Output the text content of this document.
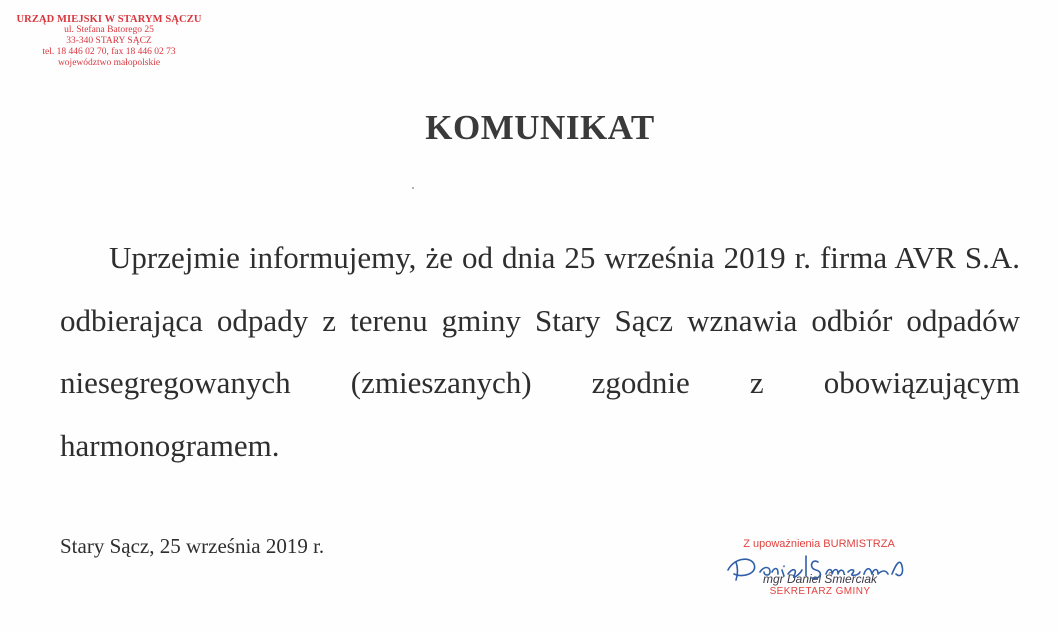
URZĄD MIEJSKI W STARYM SĄCZU
ul. Stefana Batorego 25
33-340 STARY SĄCZ
tel. 18 446 02 70, fax 18 446 02 73
województwo małopolskie
KOMUNIKAT

Uprzejmie informujemy, że od dnia 25 września 2019 r. firma AVR S.A. odbierająca odpady z terenu gminy Stary Sącz wznawia odbiór odpadów niesegregowanych (zmieszanych) zgodnie z obowiązującym harmonogramem.

Stary Sącz, 25 września 2019 r.	Z upoważnienia BURMISTRZA
mgr Daniel Śmierciak
SEKRETARZ GMINY
